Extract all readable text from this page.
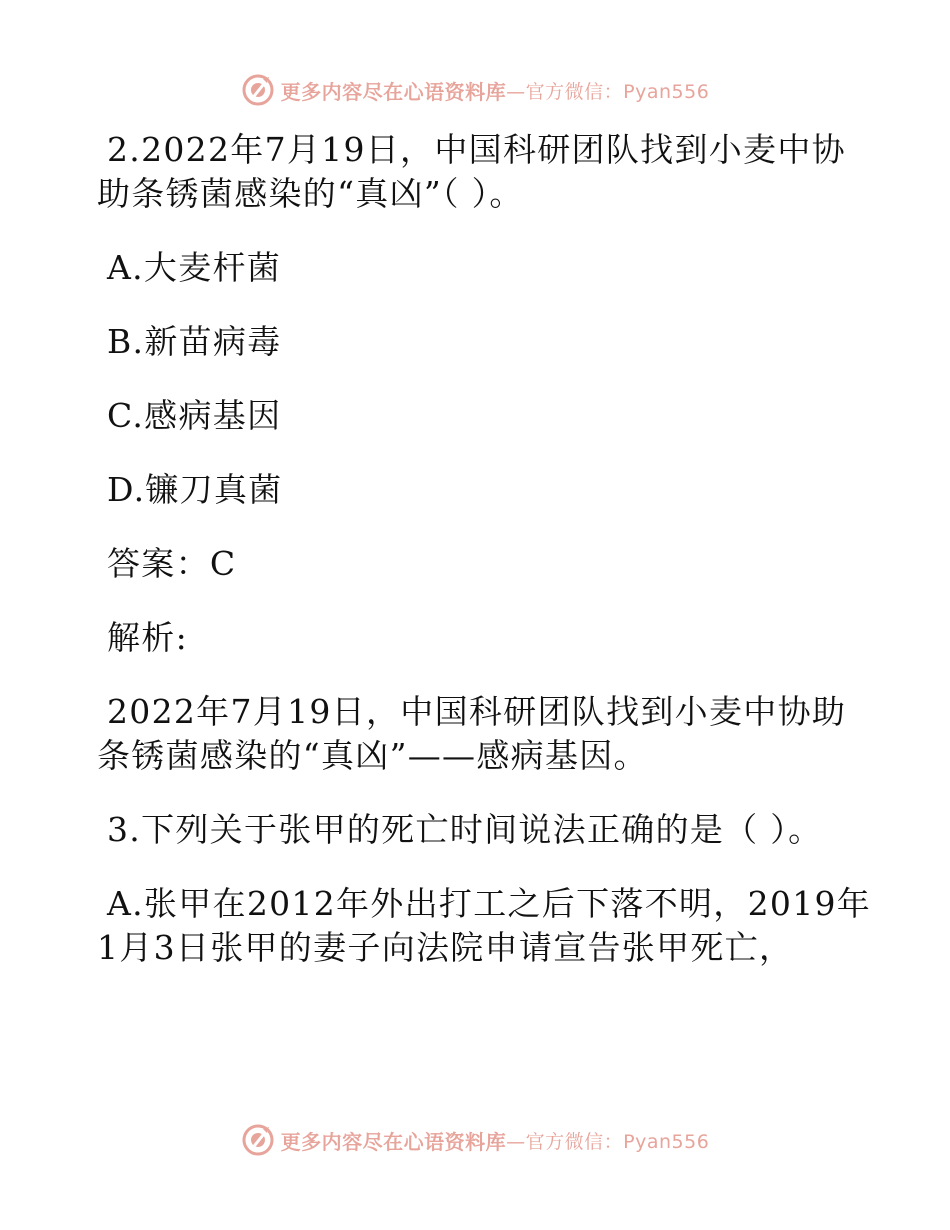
更多内容尽在心语资料库 —官方微信：Pyan556
2.2022年7月19日，中国科研团队找到小麦中协
助条锈菌感染的“真凶”（ ）。
A.大麦杆菌
B.新苗病毒
C.感病基因
D.镰刀真菌
答案：C
解析:
2022年7月19日，中国科研团队找到小麦中协助
条锈菌感染的“真凶”——感病基因。
3.下列关于张甲的死亡时间说法正确的是（ ）。
A.张甲在2012年外出打工之后下落不明，2019年
1月3日张甲的妻子向法院申请宣告张甲死亡，
更多内容尽在心语资料库 —官方微信：Pyan556
